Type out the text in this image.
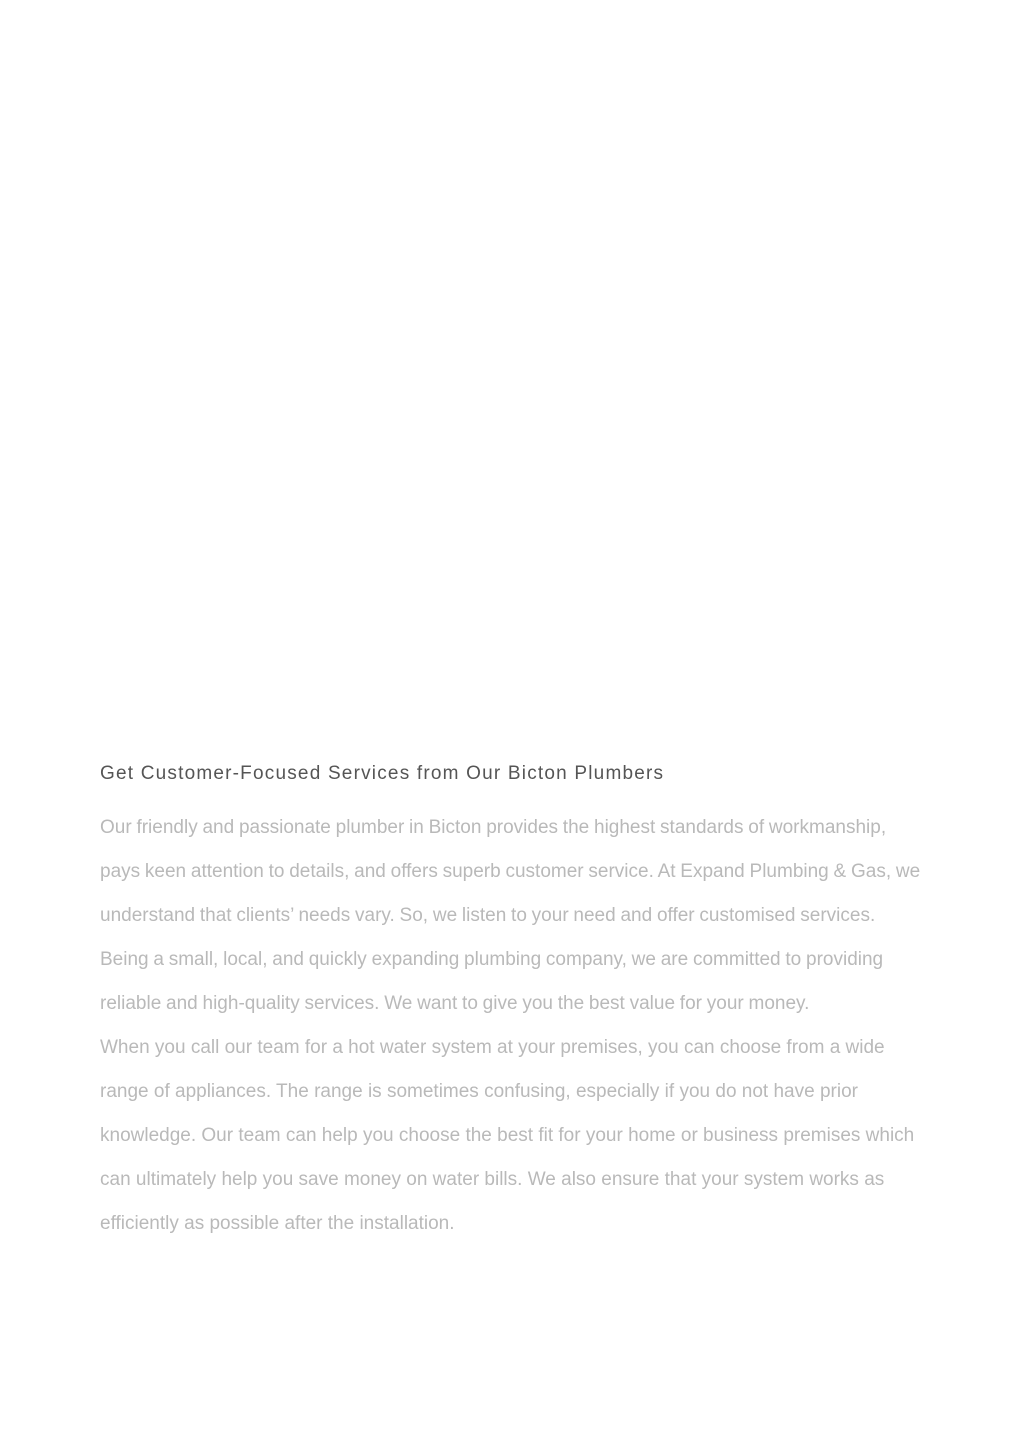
Get Customer-Focused Services from Our Bicton Plumbers

Our friendly and passionate plumber in Bicton provides the highest standards of workmanship,
pays keen attention to details, and offers superb customer service. At Expand Plumbing & Gas, we
understand that clients’ needs vary. So, we listen to your need and offer customised services.
Being a small, local, and quickly expanding plumbing company, we are committed to providing
reliable and high-quality services. We want to give you the best value for your money.

When you call our team for a hot water system at your premises, you can choose from a wide
range of appliances. The range is sometimes confusing, especially if you do not have prior
knowledge. Our team can help you choose the best fit for your home or business premises which
can ultimately help you save money on water bills. We also ensure that your system works as
efficiently as possible after the installation.
